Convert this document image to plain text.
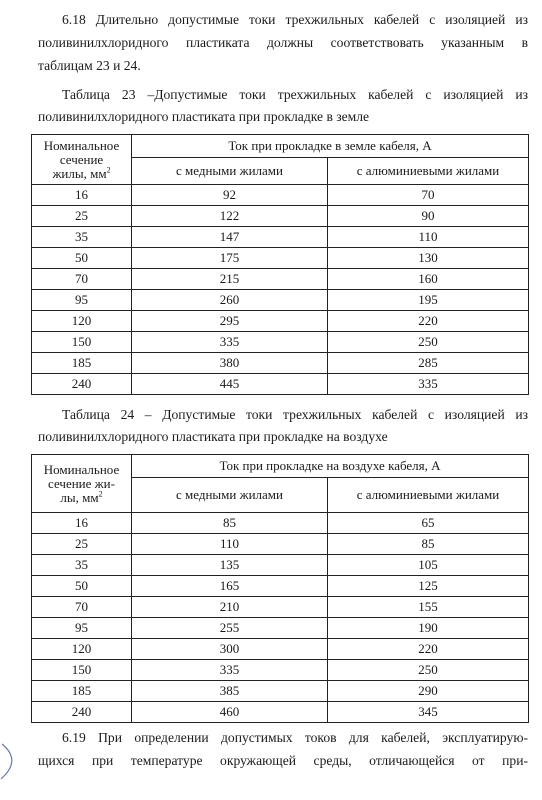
6.18 Длительно допустимые токи трехжильных кабелей с изоляцией из
поливинилхлоридного пластиката должны соответствовать указанным в
таблицам 23 и 24.
Таблица 23 –Допустимые токи трехжильных кабелей с изоляцией из
поливинилхлоридного пластиката при прокладке в земле
Номинальное
сечение
жилы, $мм^2$	Ток при прокладке в земле кабеля, А	
	с медными жилами	с алюминиевыми жилами
16	92	70
25	122	90
35	147	110
50	175	130
70	215	160
95	260	195
120	295	220
150	335	250
185	380	285
240	445	335
Таблица 24 – Допустимые токи трехжильных кабелей с изоляцией из
поливинилхлоридного пластиката при прокладке на воздухе
Номинальное
сечение жи-
лы, $мм^2$	Ток при прокладке на воздухе кабеля, А	
	с медными жилами	с алюминиевыми жилами
16	85	65
25	110	85
35	135	105
50	165	125
70	210	155
95	255	190
120	300	220
150	335	250
185	385	290
240	460	345
6.19 При определении допустимых токов для кабелей, эксплуатирую-
щихся при температуре окружающей среды, отличающейся от при-
